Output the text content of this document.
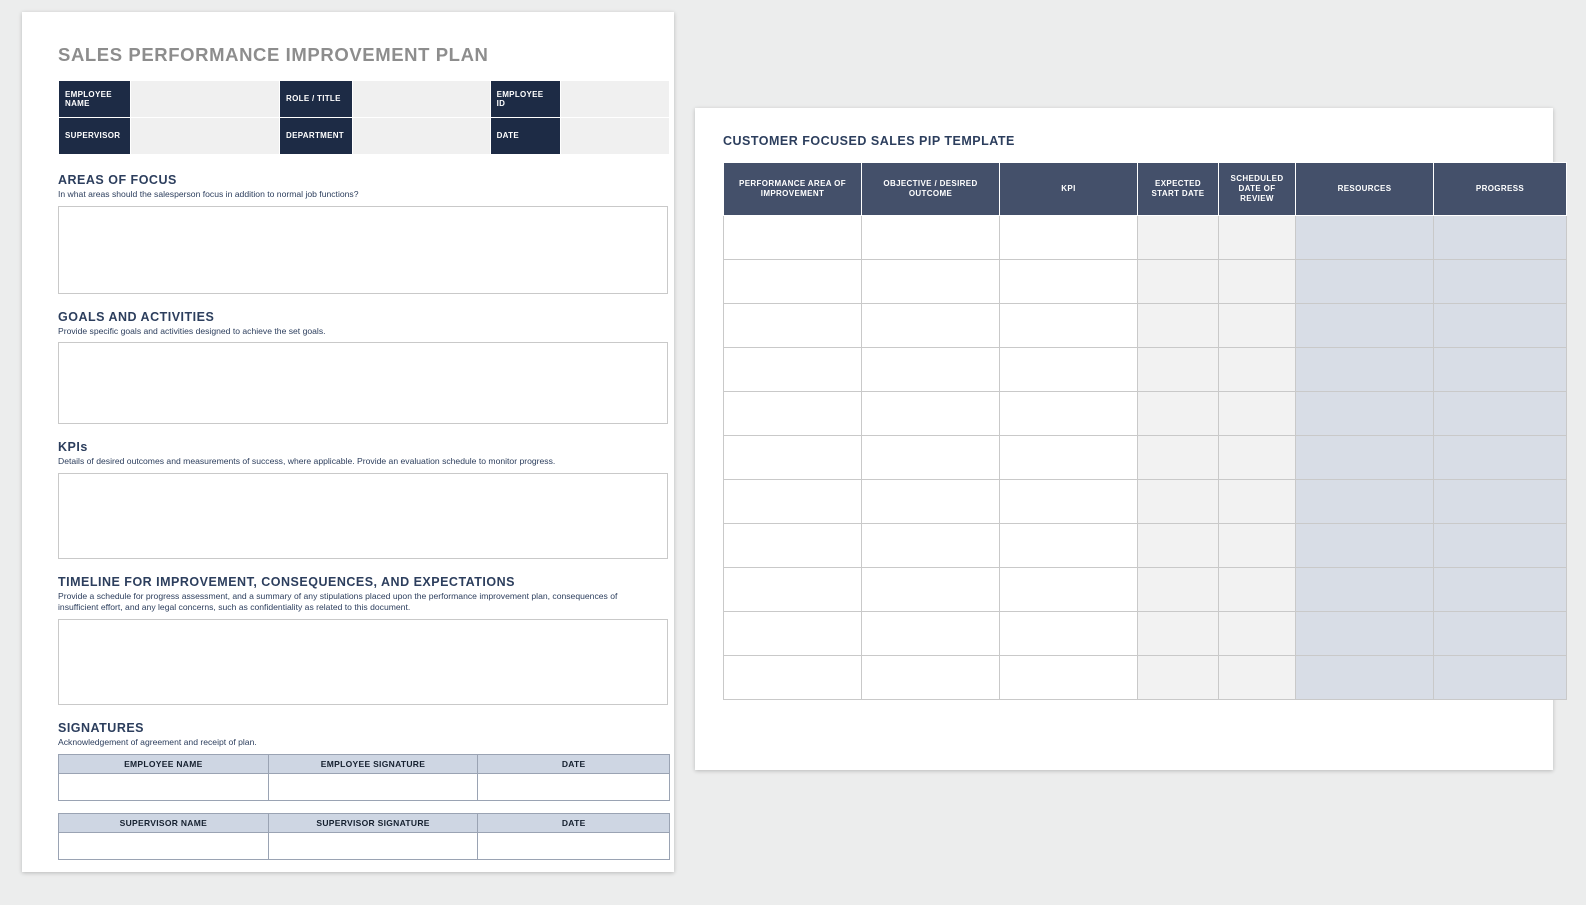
SALES PERFORMANCE IMPROVEMENT PLAN
EMPLOYEE NAME		ROLE / TITLE		EMPLOYEE ID	
SUPERVISOR		DEPARTMENT		DATE	
AREAS OF FOCUS
In what areas should the salesperson focus in addition to normal job functions?
GOALS AND ACTIVITIES
Provide specific goals and activities designed to achieve the set goals.
KPIs
Details of desired outcomes and measurements of success, where applicable. Provide an evaluation schedule to monitor progress.
TIMELINE FOR IMPROVEMENT, CONSEQUENCES, AND EXPECTATIONS
Provide a schedule for progress assessment, and a summary of any stipulations placed upon the performance improvement plan, consequences of insufficient effort, and any legal concerns, such as confidentiality as related to this document.
SIGNATURES
Acknowledgement of agreement and receipt of plan.
EMPLOYEE NAME	EMPLOYEE SIGNATURE	DATE

SUPERVISOR NAME	SUPERVISOR SIGNATURE	DATE

CUSTOMER FOCUSED SALES PIP TEMPLATE
PERFORMANCE AREA OF IMPROVEMENT	OBJECTIVE / DESIRED OUTCOME	KPI	EXPECTED START DATE	SCHEDULED DATE OF REVIEW	RESOURCES	PROGRESS
